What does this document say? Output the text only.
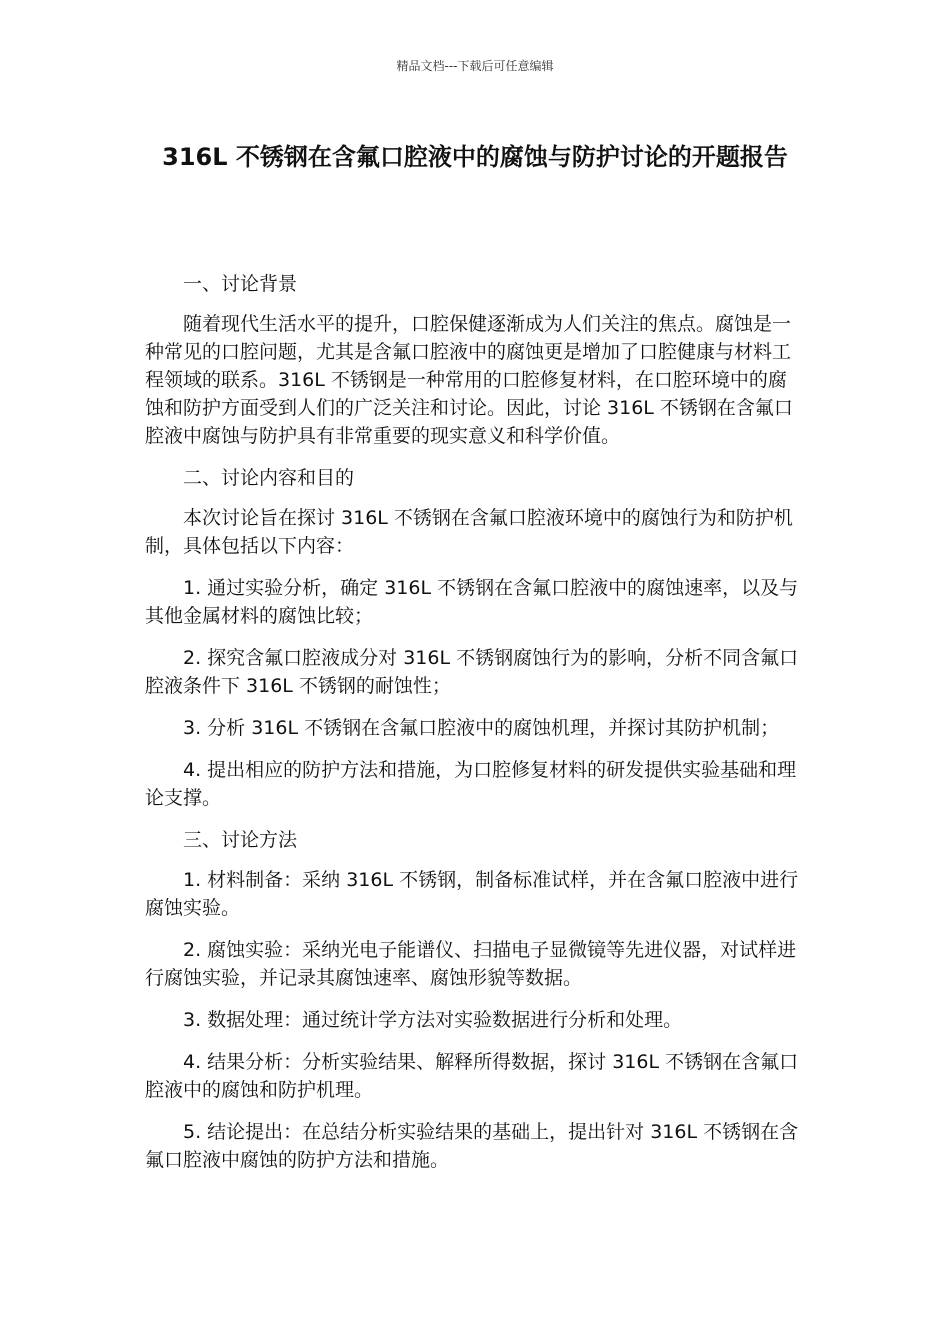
精品文档---下载后可任意编辑
316L 不锈钢在含氟口腔液中的腐蚀与防护讨论的开题报告

一、讨论背景

随着现代生活水平的提升，口腔保健逐渐成为人们关注的焦点。腐蚀是一种常见的口腔问题，尤其是含氟口腔液中的腐蚀更是增加了口腔健康与材料工程领域的联系。316L 不锈钢是一种常用的口腔修复材料，在口腔环境中的腐蚀和防护方面受到人们的广泛关注和讨论。因此，讨论 316L 不锈钢在含氟口腔液中腐蚀与防护具有非常重要的现实意义和科学价值。

二、讨论内容和目的

本次讨论旨在探讨 316L 不锈钢在含氟口腔液环境中的腐蚀行为和防护机制，具体包括以下内容：

1. 通过实验分析，确定 316L 不锈钢在含氟口腔液中的腐蚀速率，以及与其他金属材料的腐蚀比较；

2. 探究含氟口腔液成分对 316L 不锈钢腐蚀行为的影响，分析不同含氟口腔液条件下 316L 不锈钢的耐蚀性；

3. 分析 316L 不锈钢在含氟口腔液中的腐蚀机理，并探讨其防护机制；

4. 提出相应的防护方法和措施，为口腔修复材料的研发提供实验基础和理论支撑。

三、讨论方法

1. 材料制备：采纳 316L 不锈钢，制备标准试样，并在含氟口腔液中进行腐蚀实验。

2. 腐蚀实验：采纳光电子能谱仪、扫描电子显微镜等先进仪器，对试样进行腐蚀实验，并记录其腐蚀速率、腐蚀形貌等数据。

3. 数据处理：通过统计学方法对实验数据进行分析和处理。

4. 结果分析：分析实验结果、解释所得数据，探讨 316L 不锈钢在含氟口腔液中的腐蚀和防护机理。

5. 结论提出：在总结分析实验结果的基础上，提出针对 316L 不锈钢在含氟口腔液中腐蚀的防护方法和措施。
